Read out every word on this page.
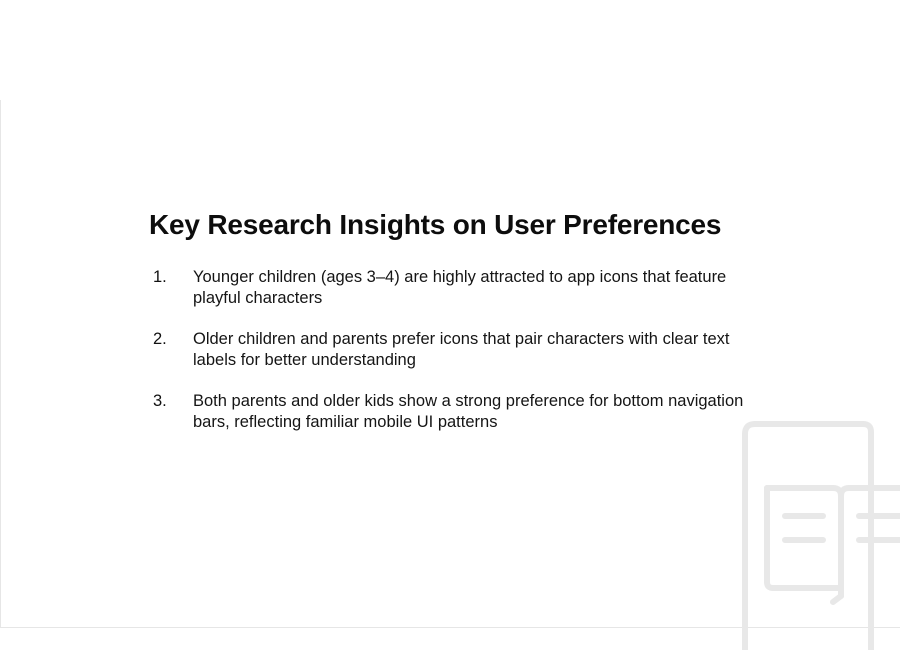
Key Research Insights on User Preferences
1.	Younger children (ages 3–4) are highly attracted to app icons that feature playful characters
2.	Older children and parents prefer icons that pair characters with clear text labels for better understanding
3.	Both parents and older kids show a strong preference for bottom navigation bars, reflecting familiar mobile UI patterns
